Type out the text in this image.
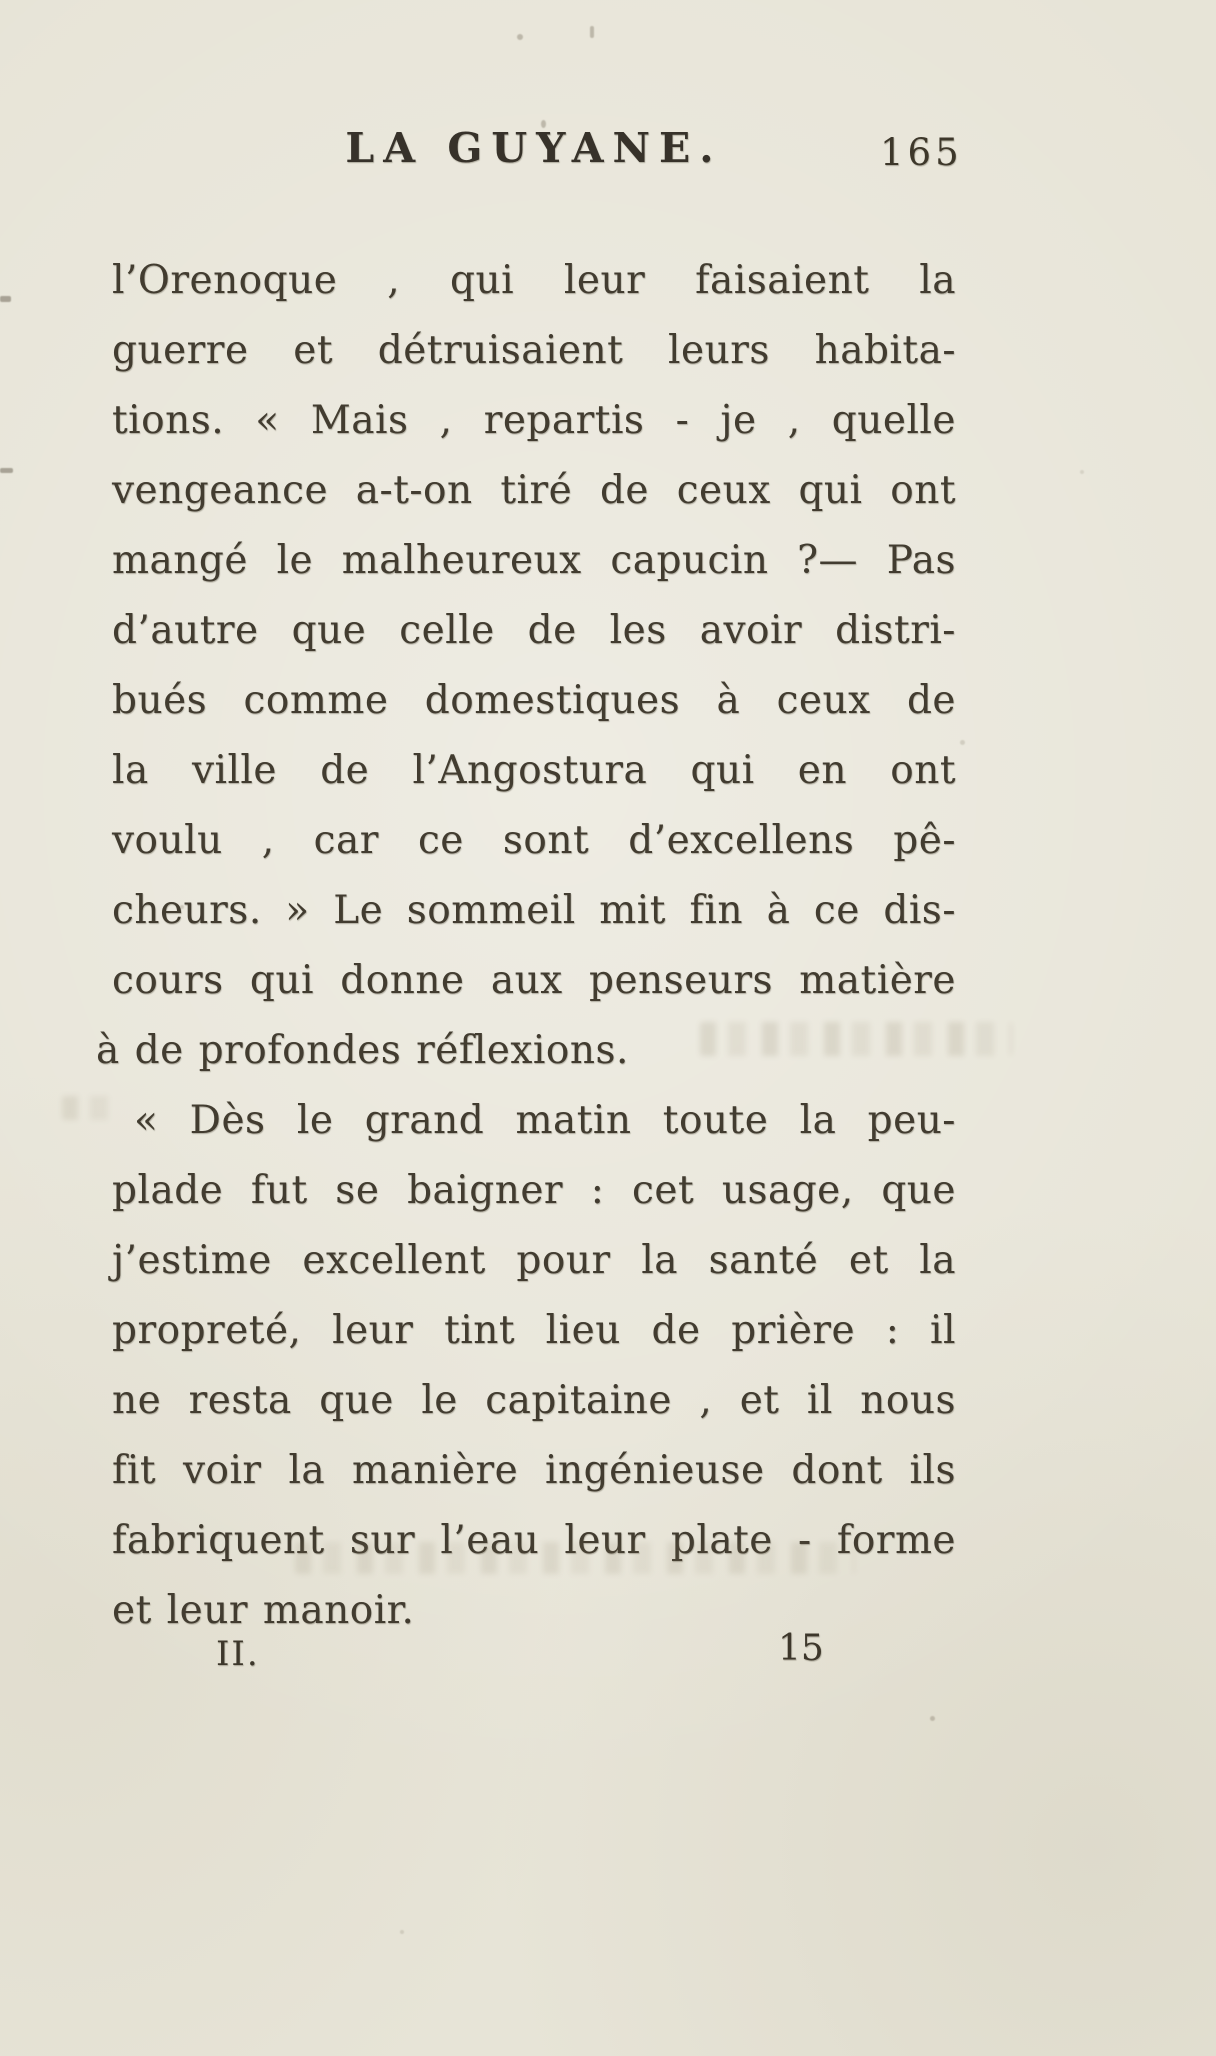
LA GUYANE.	165
l’Orenoque , qui leur faisaient la
guerre et détruisaient leurs habita-
tions. « Mais , repartis - je , quelle
vengeance a-t-on tiré de ceux qui ont
mangé le malheureux capucin ?— Pas
d’autre que celle de les avoir distri-
bués comme domestiques à ceux de
la ville de l’Angostura qui en ont
voulu , car ce sont d’excellens pê-
cheurs. » Le sommeil mit fin à ce dis-
cours qui donne aux penseurs matière
à de profondes réflexions.
« Dès le grand matin toute la peu-
plade fut se baigner : cet usage, que
j’estime excellent pour la santé et la
propreté, leur tint lieu de prière : il
ne resta que le capitaine , et il nous
fit voir la manière ingénieuse dont ils
fabriquent sur l’eau leur plate - forme
et leur manoir.
II.	15
